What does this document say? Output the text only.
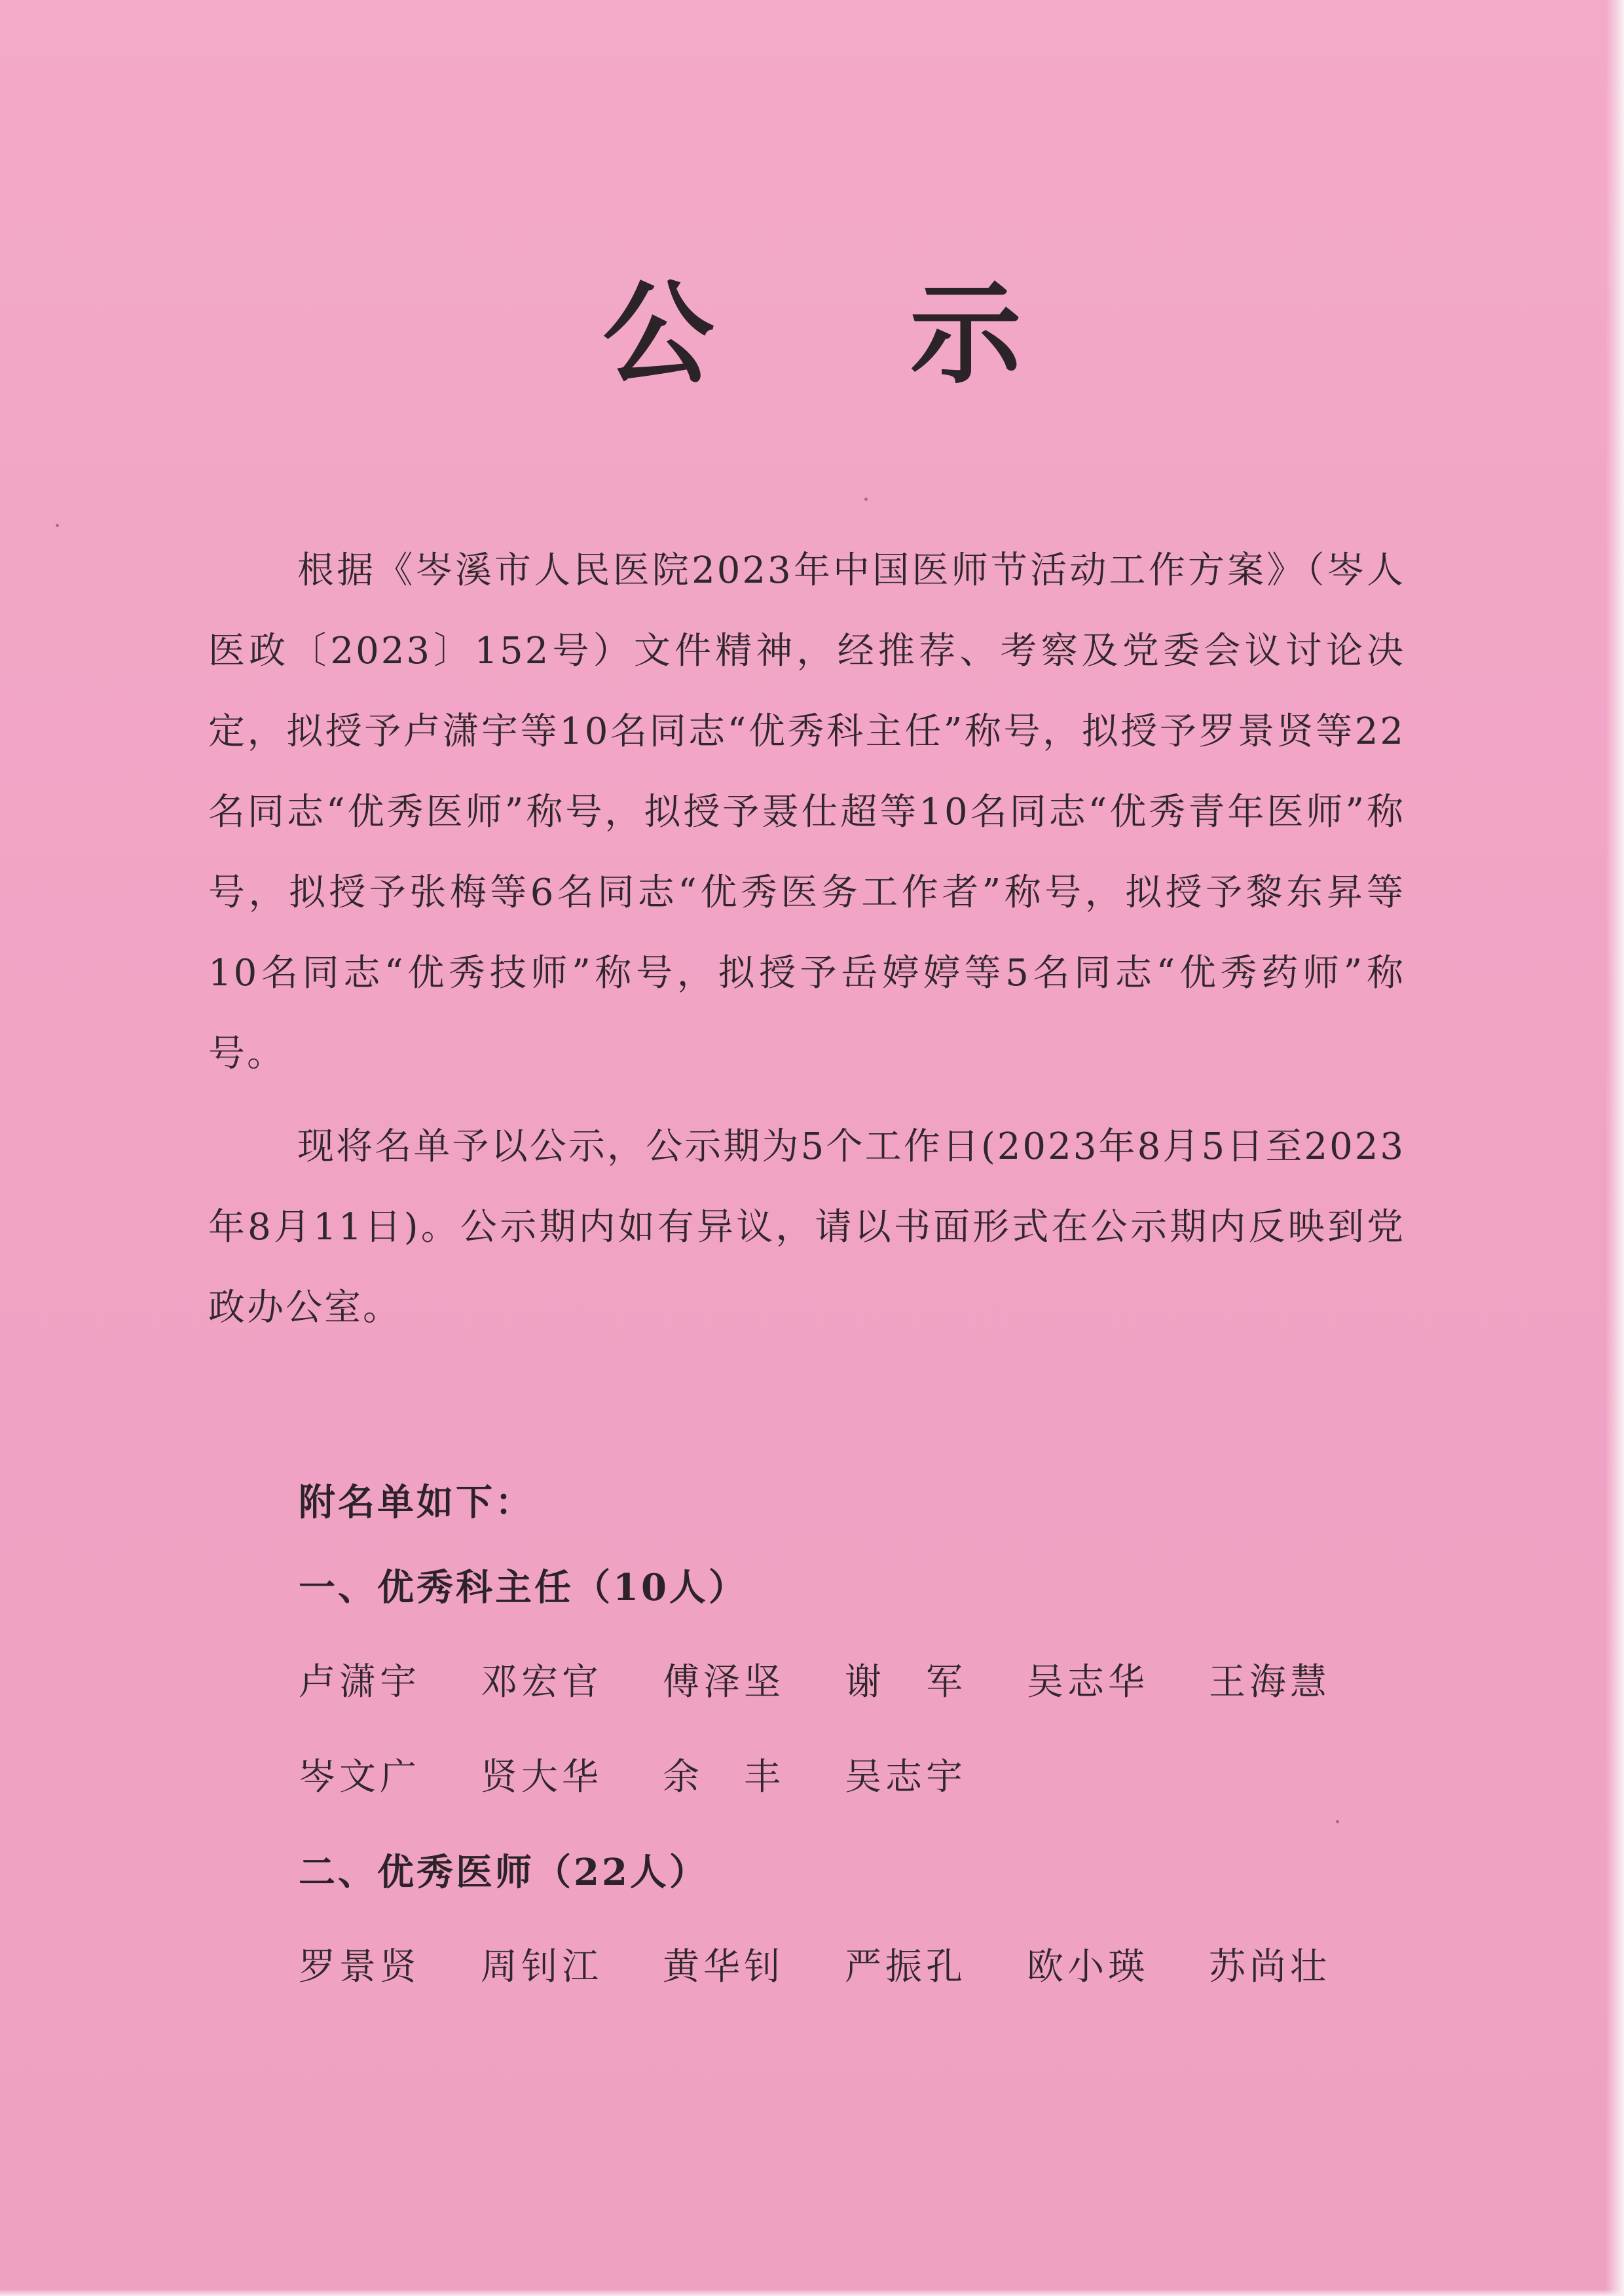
公 示
根据《岑溪市人民医院2023年中国医师节活动工作方案》（岑人医政〔2023〕152号）文件精神，经推荐、考察及党委会议讨论决定，拟授予卢潇宇等10名同志“优秀科主任”称号，拟授予罗景贤等22名同志“优秀医师”称号，拟授予聂仕超等10名同志“优秀青年医师”称号，拟授予张梅等6名同志“优秀医务工作者”称号，拟授予黎东昇等10名同志“优秀技师”称号，拟授予岳婷婷等5名同志“优秀药师”称号。
现将名单予以公示，公示期为5个工作日(2023年8月5日至2023年8月11日)。公示期内如有异议，请以书面形式在公示期内反映到党政办公室。
附名单如下：
一、优秀科主任（10人）
卢潇宇	邓宏官	傅泽坚	谢　军	吴志华	王海慧
岑文广	贤大华	余　丰	吴志宇
二、优秀医师（22人）
罗景贤	周钊江	黄华钊	严振孔	欧小瑛	苏尚壮
